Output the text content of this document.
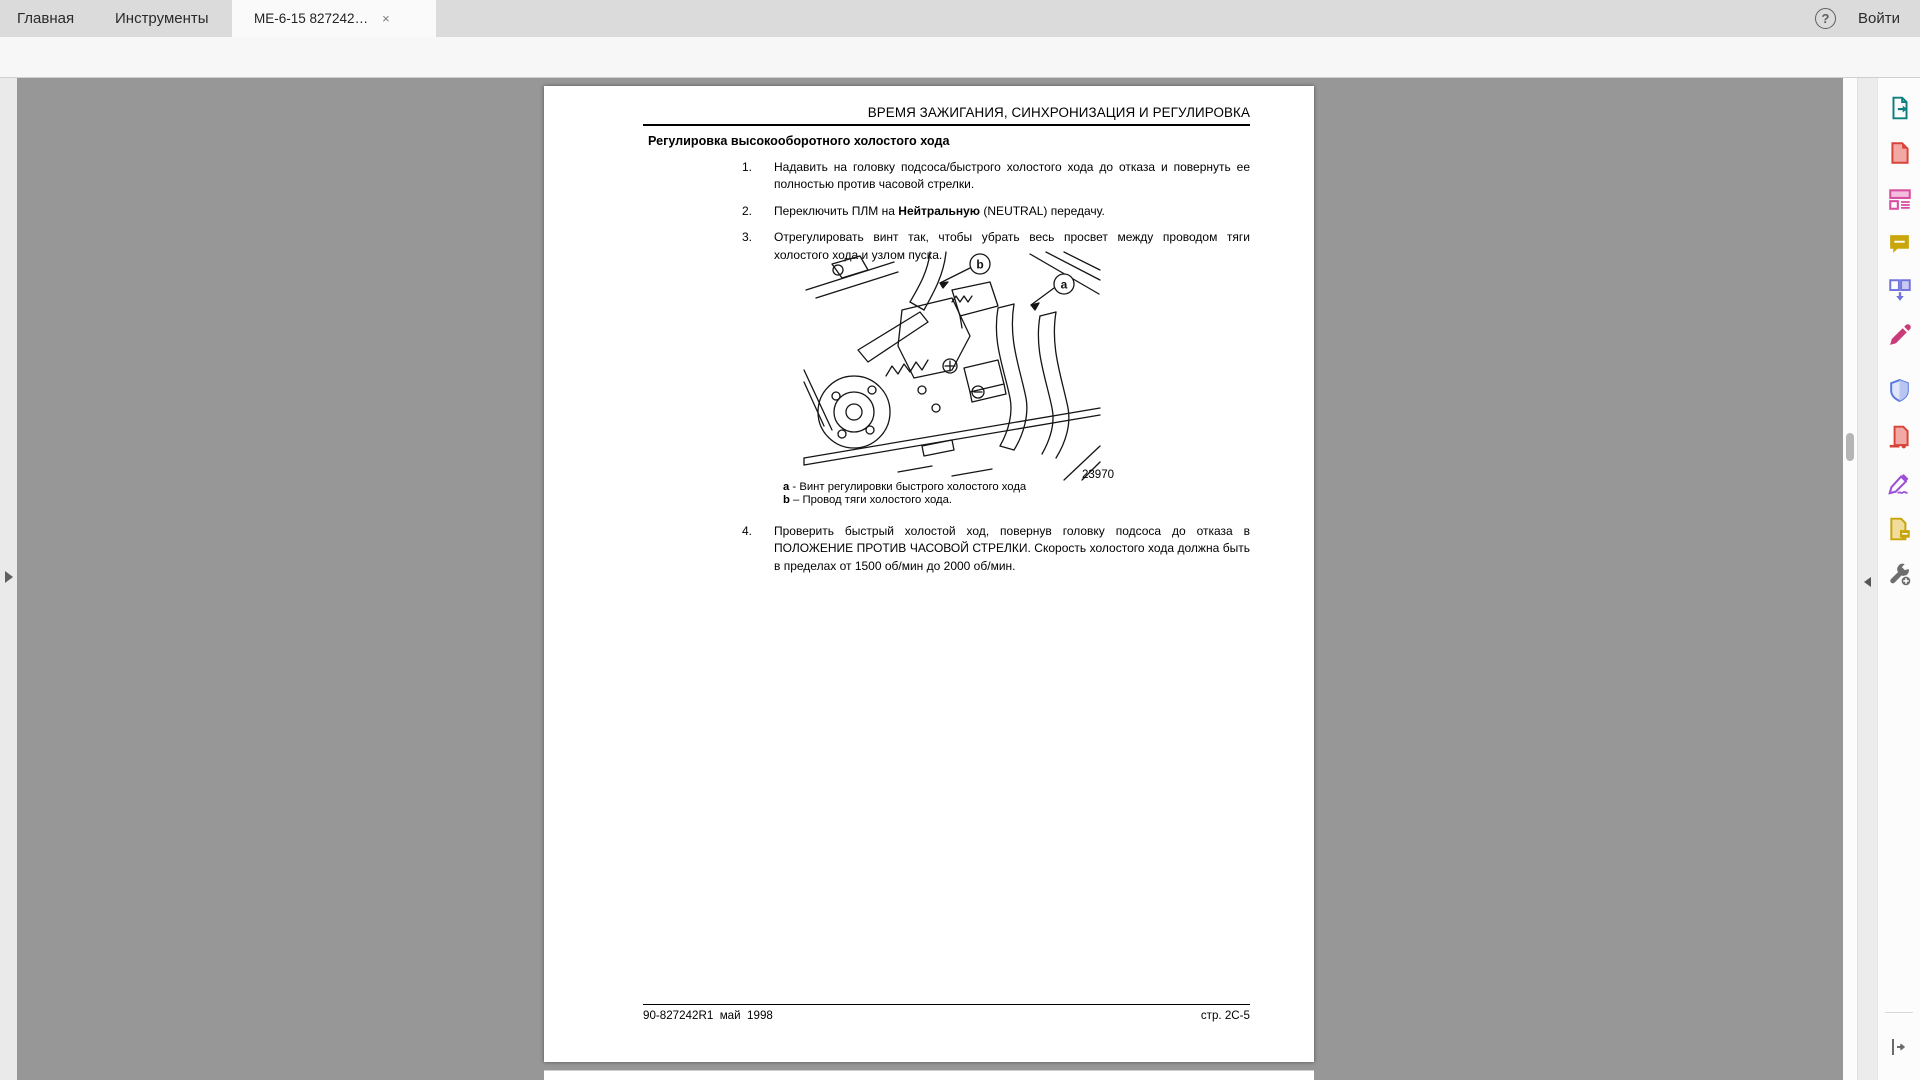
Главная	Инструменты	ME-6-15 827242… ×	?	Войти
91
ВРЕМЯ ЗАЖИГАНИЯ, СИНХРОНИЗАЦИЯ И РЕГУЛИРОВКА
Регулировка высокооборотного холостого хода
1.	Надавить на головку подсоса/быстрого холостого хода до отказа и повернуть ее полностью против часовой стрелки.
2.	Переключить ПЛМ на Нейтральную (NEUTRAL) передачу.
3.	Отрегулировать винт так, чтобы убрать весь просвет между проводом тяги холостого хода и узлом пуска.
b
a
23970
a - Винт регулировки быстрого холостого хода
b – Провод тяги холостого хода.
4.	Проверить быстрый холостой ход, повернув головку подсоса до отказа в ПОЛОЖЕНИЕ ПРОТИВ ЧАСОВОЙ СТРЕЛКИ. Скорость холостого хода должна быть в пределах от 1500 об/мин до 2000 об/мин.
90-827242R1  май  1998	стр. 2C-5
